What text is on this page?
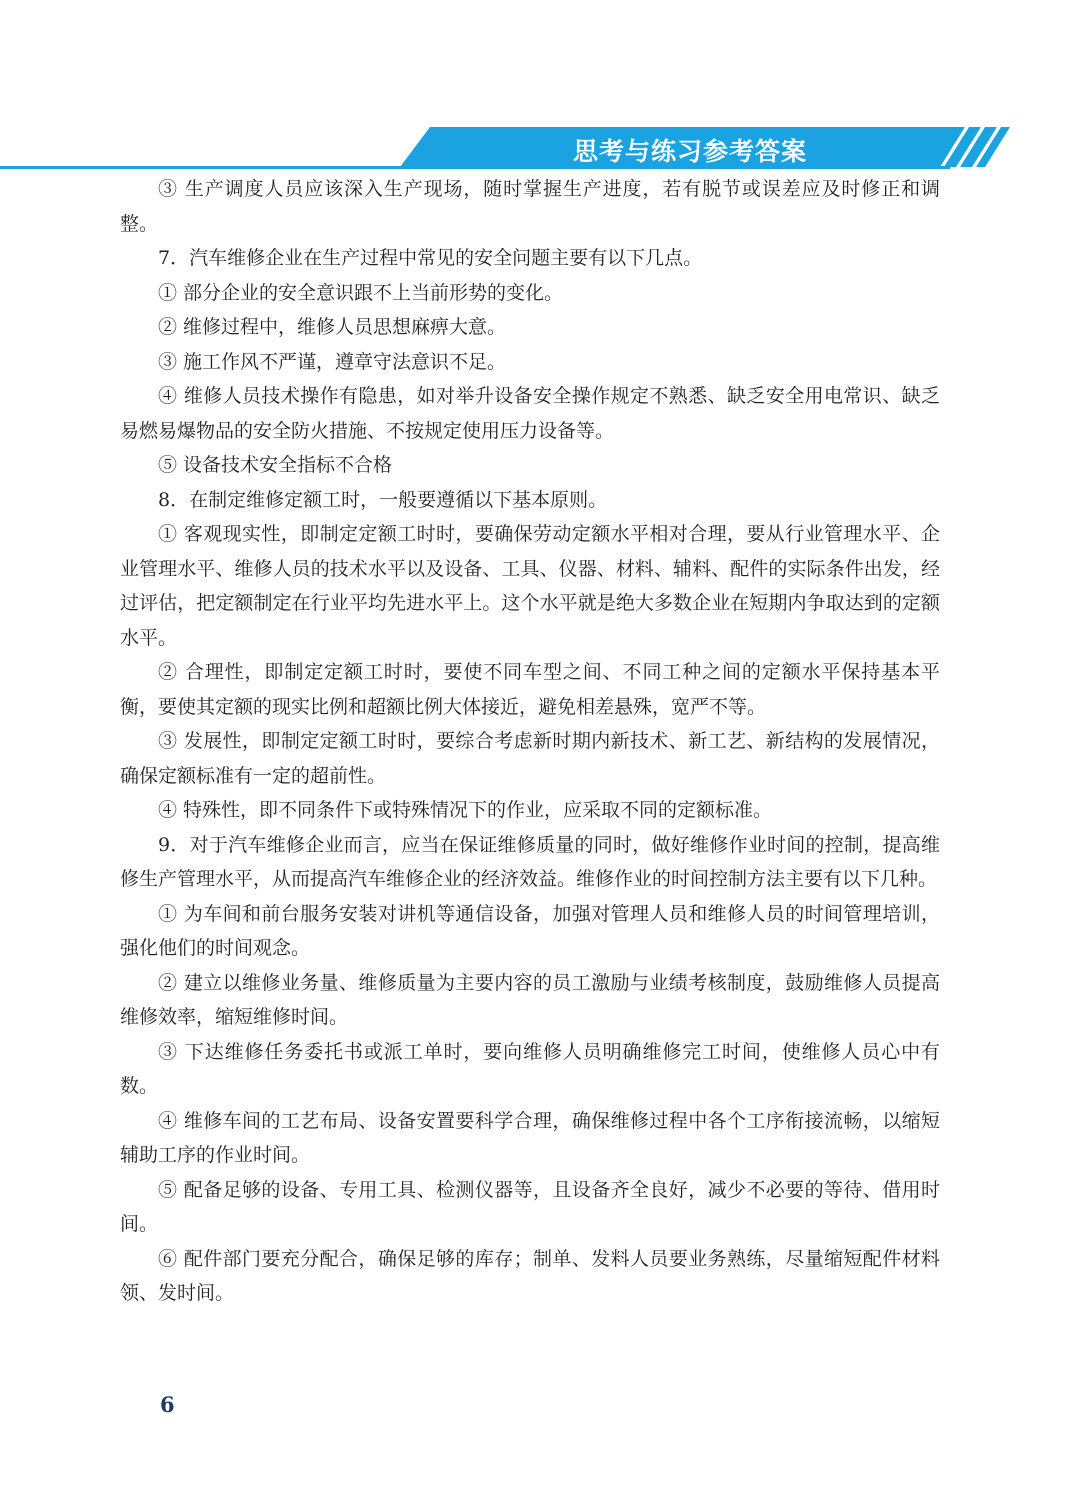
思考与练习参考答案

③ 生产调度人员应该深入生产现场，随时掌握生产进度，若有脱节或误差应及时修正和调整。

7．汽车维修企业在生产过程中常见的安全问题主要有以下几点。

① 部分企业的安全意识跟不上当前形势的变化。

② 维修过程中，维修人员思想麻痹大意。

③ 施工作风不严谨，遵章守法意识不足。

④ 维修人员技术操作有隐患，如对举升设备安全操作规定不熟悉、缺乏安全用电常识、缺乏易燃易爆物品的安全防火措施、不按规定使用压力设备等。

⑤ 设备技术安全指标不合格

8．在制定维修定额工时，一般要遵循以下基本原则。

① 客观现实性，即制定定额工时时，要确保劳动定额水平相对合理，要从行业管理水平、企业管理水平、维修人员的技术水平以及设备、工具、仪器、材料、辅料、配件的实际条件出发，经过评估，把定额制定在行业平均先进水平上。这个水平就是绝大多数企业在短期内争取达到的定额水平。

② 合理性，即制定定额工时时，要使不同车型之间、不同工种之间的定额水平保持基本平衡，要使其定额的现实比例和超额比例大体接近，避免相差悬殊，宽严不等。

③ 发展性，即制定定额工时时，要综合考虑新时期内新技术、新工艺、新结构的发展情况，确保定额标准有一定的超前性。

④ 特殊性，即不同条件下或特殊情况下的作业，应采取不同的定额标准。

9．对于汽车维修企业而言，应当在保证维修质量的同时，做好维修作业时间的控制，提高维修生产管理水平，从而提高汽车维修企业的经济效益。维修作业的时间控制方法主要有以下几种。

① 为车间和前台服务安装对讲机等通信设备，加强对管理人员和维修人员的时间管理培训，强化他们的时间观念。

② 建立以维修业务量、维修质量为主要内容的员工激励与业绩考核制度，鼓励维修人员提高维修效率，缩短维修时间。

③ 下达维修任务委托书或派工单时，要向维修人员明确维修完工时间，使维修人员心中有数。

④ 维修车间的工艺布局、设备安置要科学合理，确保维修过程中各个工序衔接流畅，以缩短辅助工序的作业时间。

⑤ 配备足够的设备、专用工具、检测仪器等，且设备齐全良好，减少不必要的等待、借用时间。

⑥ 配件部门要充分配合，确保足够的库存；制单、发料人员要业务熟练，尽量缩短配件材料领、发时间。

6
